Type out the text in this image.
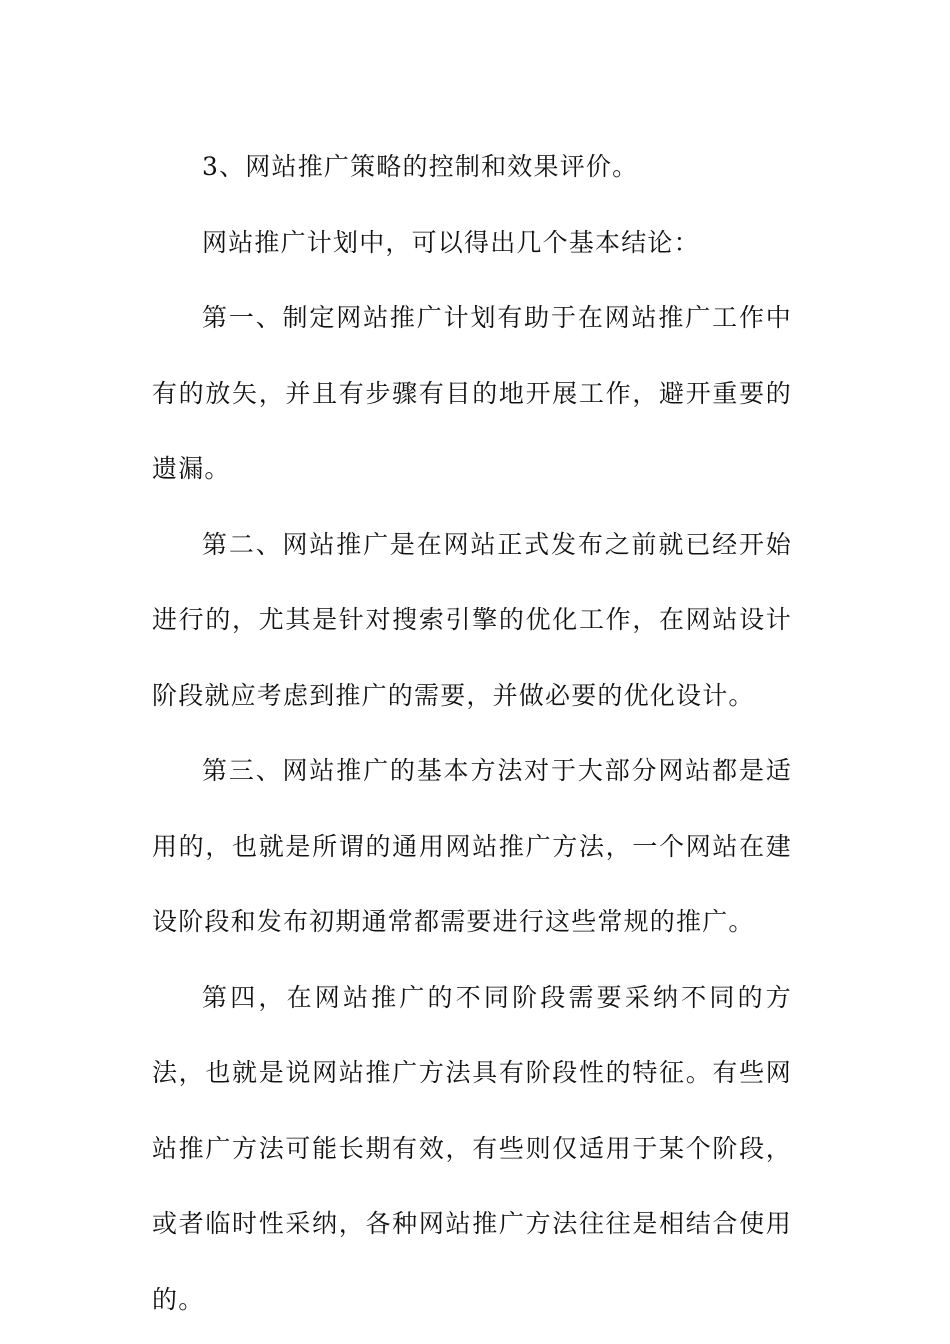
3、网站推广策略的控制和效果评价。

网站推广计划中，可以得出几个基本结论：

第一、制定网站推广计划有助于在网站推广工作中有的放矢，并且有步骤有目的地开展工作，避开重要的遗漏。

第二、网站推广是在网站正式发布之前就已经开始进行的，尤其是针对搜索引擎的优化工作，在网站设计阶段就应考虑到推广的需要，并做必要的优化设计。

第三、网站推广的基本方法对于大部分网站都是适用的，也就是所谓的通用网站推广方法，一个网站在建设阶段和发布初期通常都需要进行这些常规的推广。

第四，在网站推广的不同阶段需要采纳不同的方法，也就是说网站推广方法具有阶段性的特征。有些网站推广方法可能长期有效，有些则仅适用于某个阶段，或者临时性采纳，各种网站推广方法往往是相结合使用的。
